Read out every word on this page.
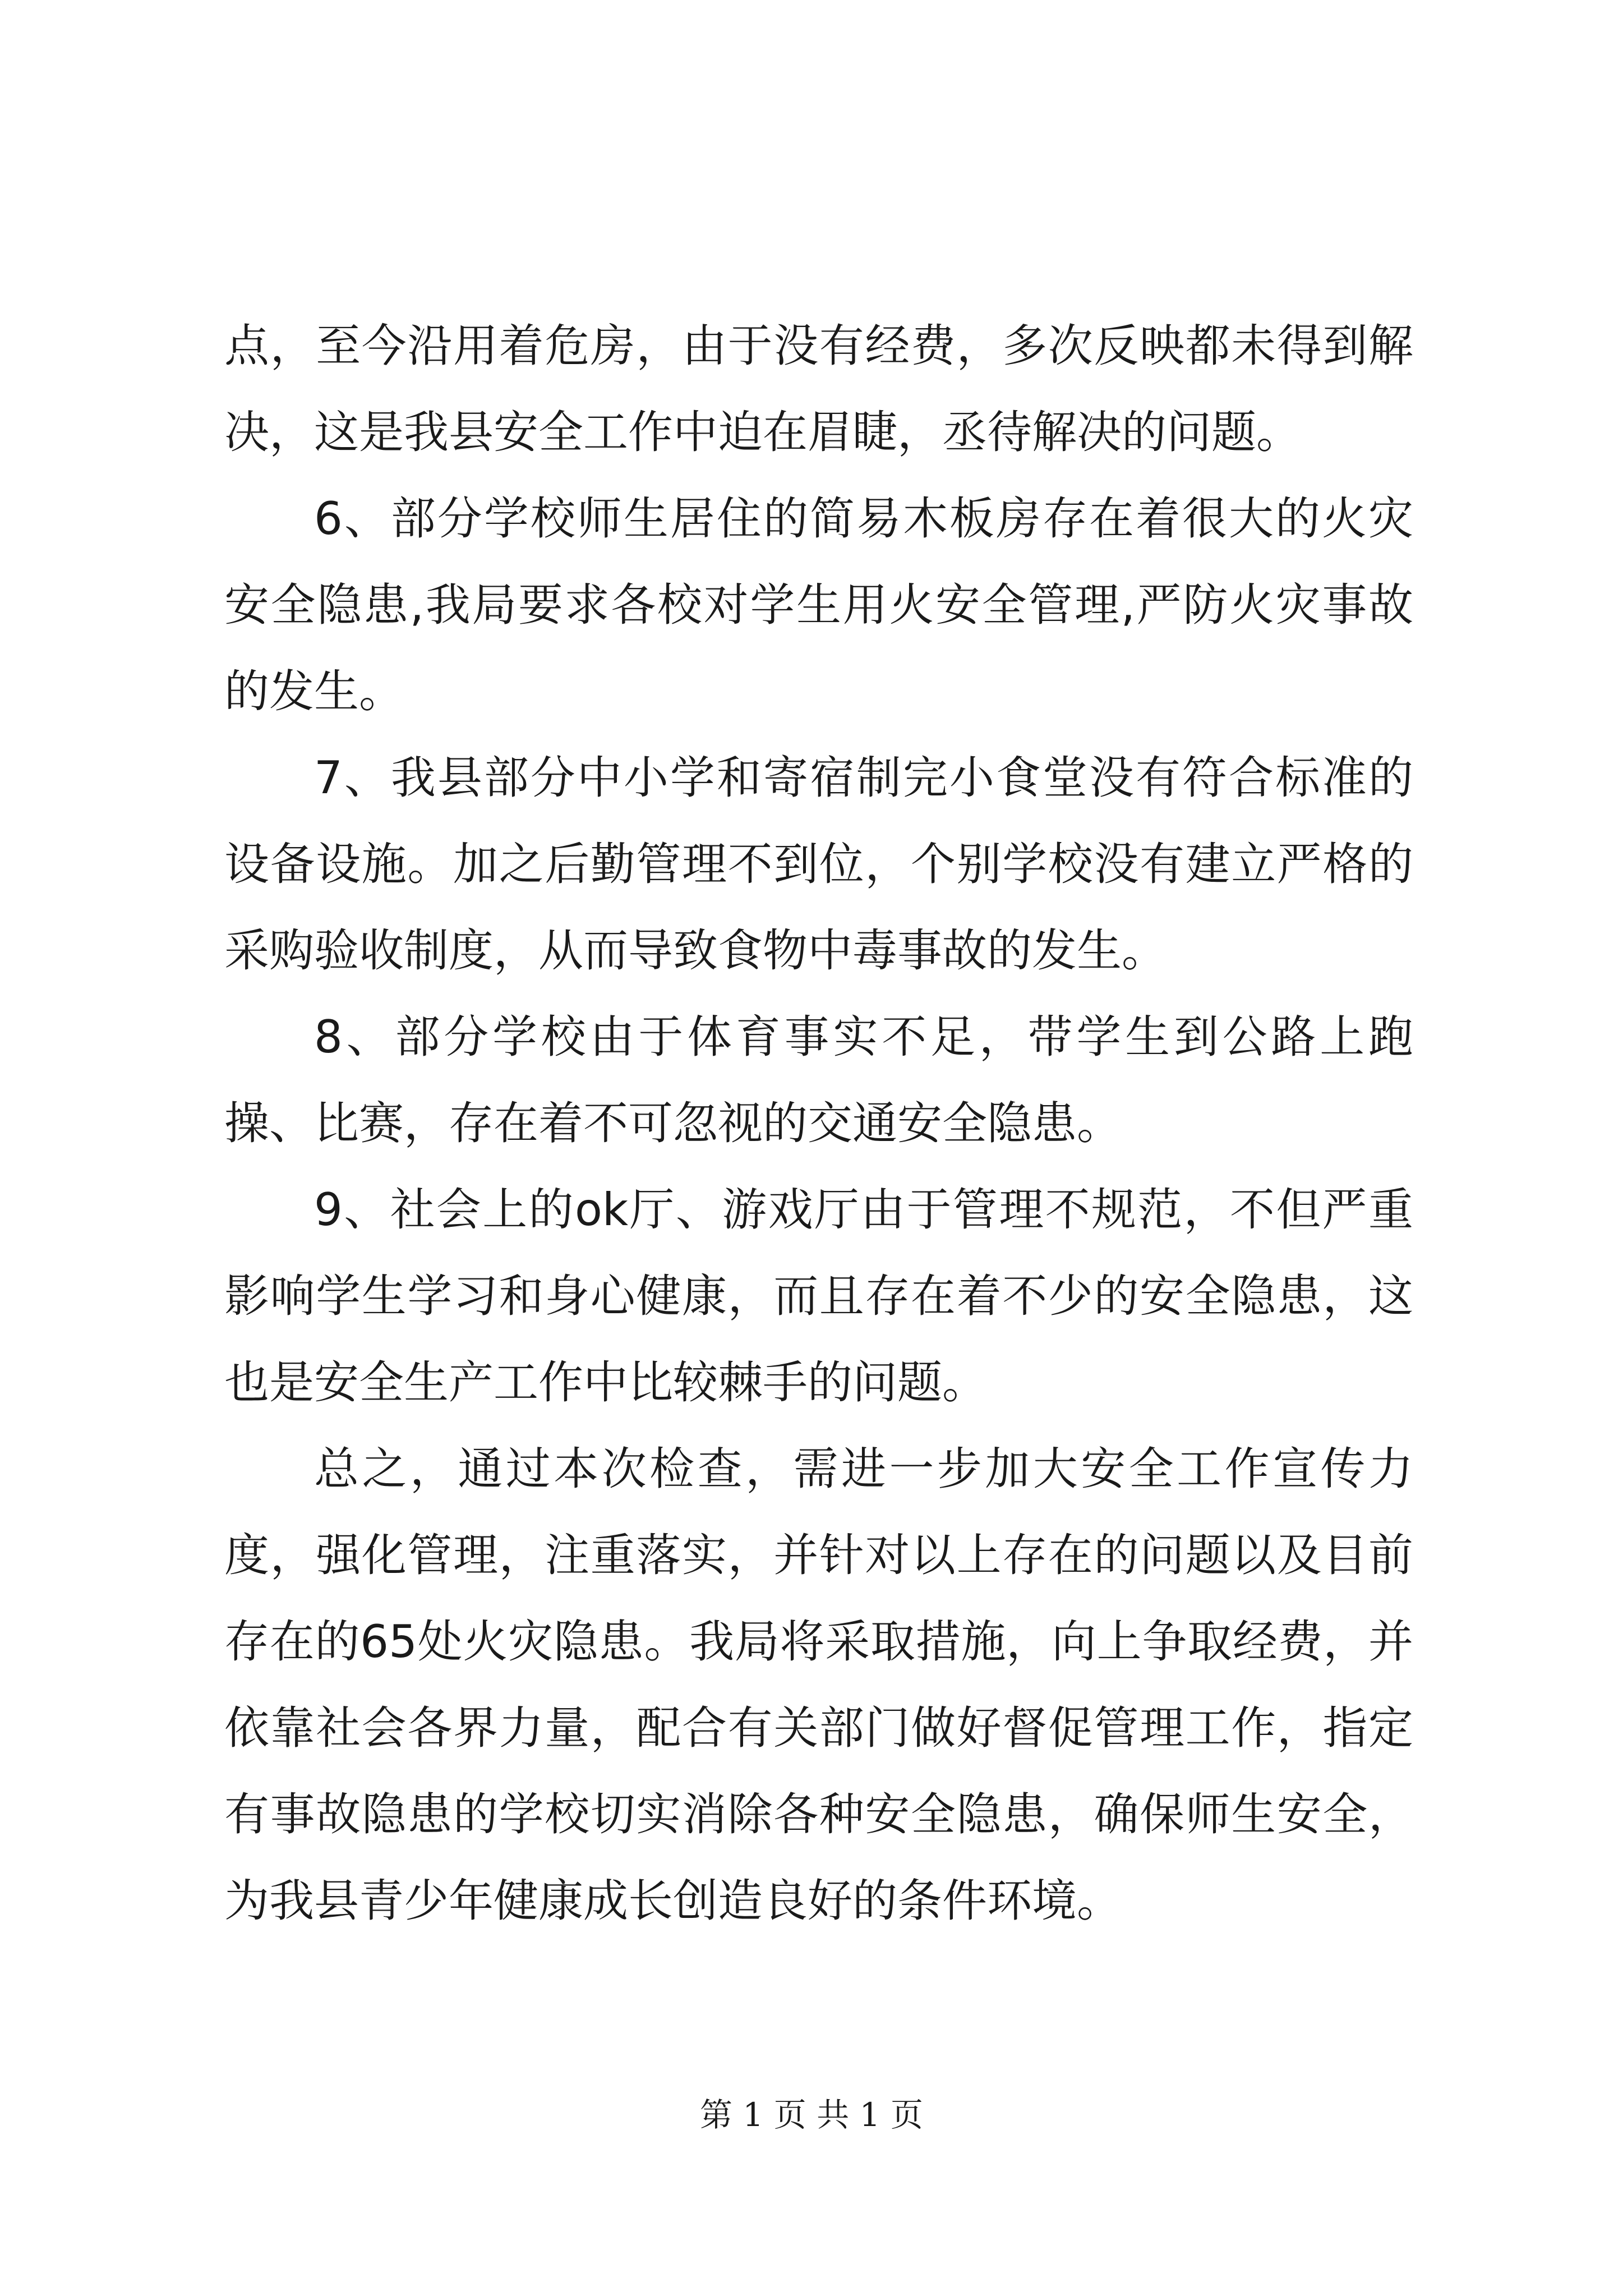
点，至今沿用着危房，由于没有经费，多次反映都未得到解决，这是我县安全工作中迫在眉睫，丞待解决的问题。

6、部分学校师生居住的简易木板房存在着很大的火灾安全隐患,我局要求各校对学生用火安全管理,严防火灾事故的发生。

7、我县部分中小学和寄宿制完小食堂没有符合标准的设备设施。加之后勤管理不到位，个别学校没有建立严格的采购验收制度，从而导致食物中毒事故的发生。

8、部分学校由于体育事实不足，带学生到公路上跑操、比赛，存在着不可忽视的交通安全隐患。

9、社会上的ok厅、游戏厅由于管理不规范，不但严重影响学生学习和身心健康，而且存在着不少的安全隐患，这也是安全生产工作中比较棘手的问题。

总之，通过本次检查，需进一步加大安全工作宣传力度，强化管理，注重落实，并针对以上存在的问题以及目前存在的65处火灾隐患。我局将采取措施，向上争取经费，并依靠社会各界力量，配合有关部门做好督促管理工作，指定有事故隐患的学校切实消除各种安全隐患，确保师生安全，为我县青少年健康成长创造良好的条件环境。

第 1 页 共 1 页
